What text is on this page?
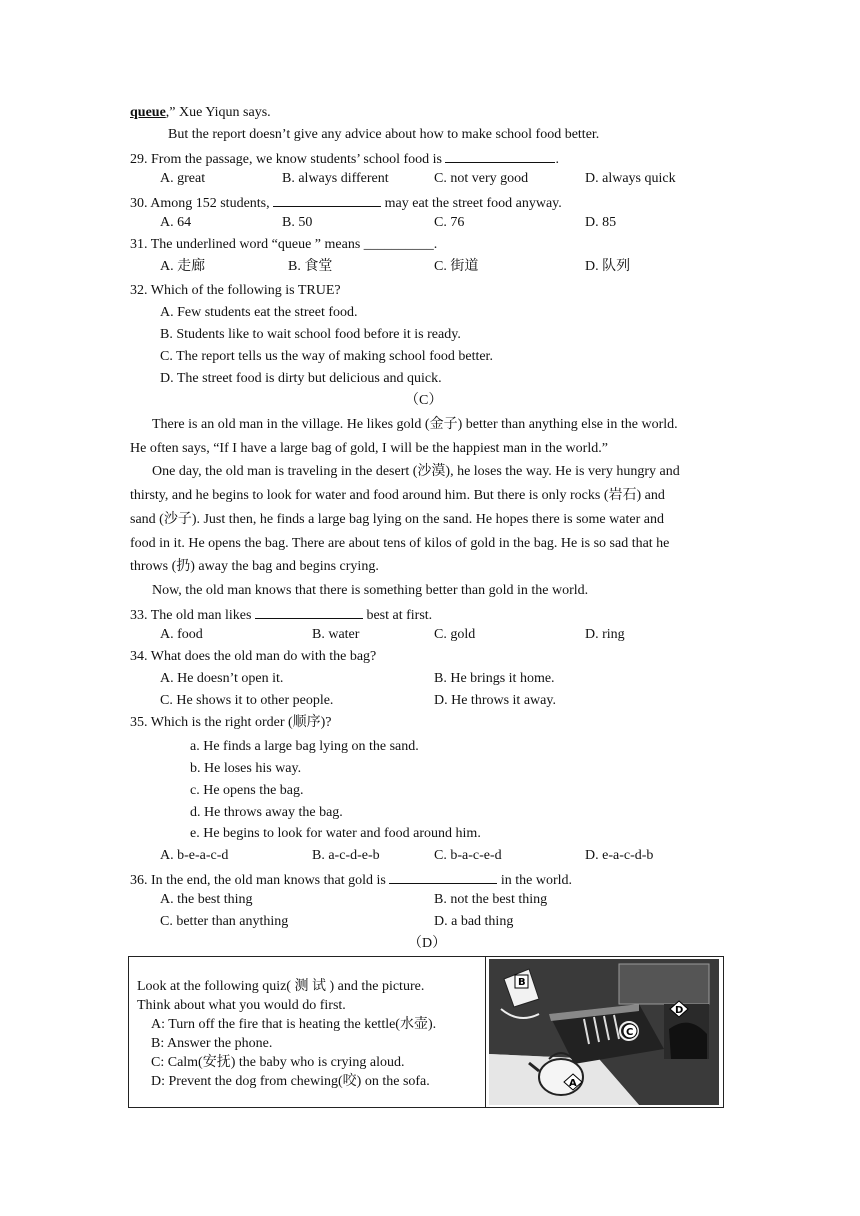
queue,” Xue Yiqun says.
But the report doesn’t give any advice about how to make school food better.
29. From the passage, we know students’ school food is	.
A. great	B. always different	C. not very good	D. always quick
30. Among 152 students,	may eat the street food anyway.
A. 64	B. 50	C. 76	D. 85
31. The underlined word “queue ” means __________.
A. 走廊	B. 食堂	C. 街道	D. 队列
32. Which of the following is TRUE?
A. Few students eat the street food.
B. Students like to wait school food before it is ready.
C. The report tells us the way of making school food better.
D. The street food is dirty but delicious and quick.
（C）
There is an old man in the village. He likes gold (金子) better than anything else in the world.
He often says, “If I have a large bag of gold, I will be the happiest man in the world.”
One day, the old man is traveling in the desert (沙漠), he loses the way. He is very hungry and
thirsty, and he begins to look for water and food around him. But there is only rocks (岩石) and
sand (沙子). Just then, he finds a large bag lying on the sand. He hopes there is some water and
food in it. He opens the bag. There are about tens of kilos of gold in the bag. He is so sad that he
throws (扔) away the bag and begins crying.
Now, the old man knows that there is something better than gold in the world.
33. The old man likes	best at first.
A. food	B. water	C. gold	D. ring
34. What does the old man do with the bag?
A. He doesn’t open it.	B. He brings it home.
C. He shows it to other people.	D. He throws it away.
35. Which is the right order (顺序)?
a. He finds a large bag lying on the sand.
b. He loses his way.
c. He opens the bag.
d. He throws away the bag.
e. He begins to look for water and food around him.
A. b-e-a-c-d	B. a-c-d-e-b	C. b-a-c-e-d	D. e-a-c-d-b
36. In the end, the old man knows that gold is	in the world.
A. the best thing	B. not the best thing
C. better than anything	D. a bad thing
（D）
Look at the following quiz( 测 试 ) and the picture.
Think about what you would do first.
A: Turn off the fire that is heating the kettle(水壶).
B: Answer the phone.
C: Calm(安抚) the baby who is crying aloud.
D: Prevent the dog from chewing(咬) on the sofa.
B
C
D
A
